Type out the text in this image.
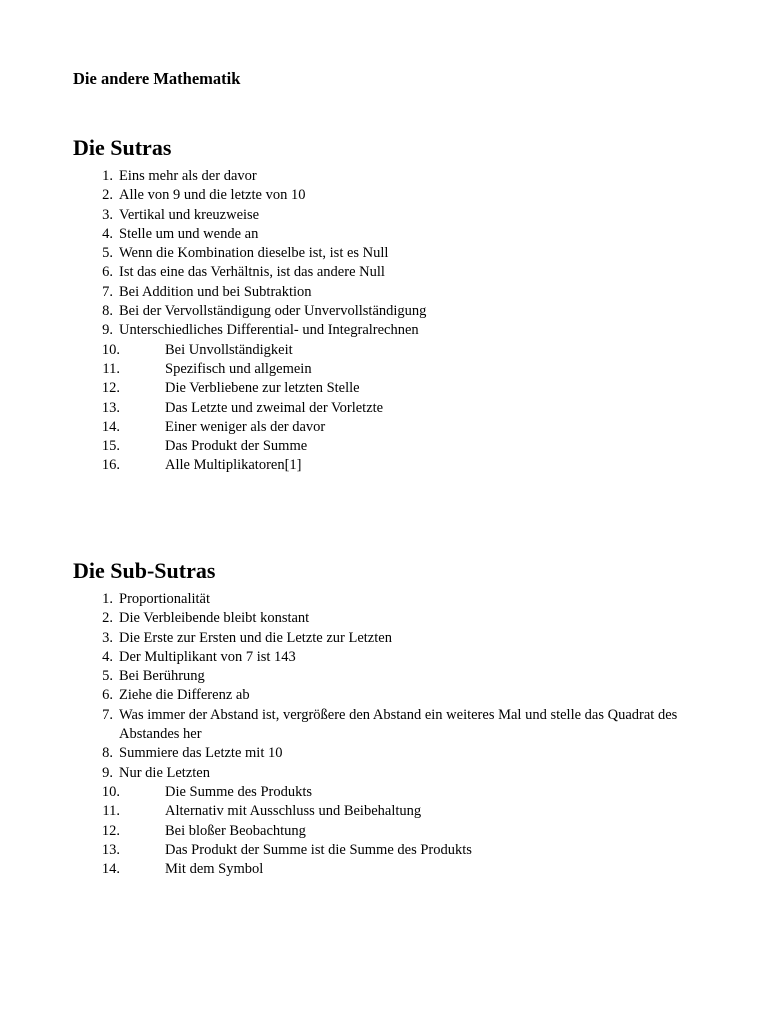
Die andere Mathematik
Die Sutras
1. Eins mehr als der davor
2. Alle von 9 und die letzte von 10
3. Vertikal und kreuzweise
4. Stelle um und wende an
5. Wenn die Kombination dieselbe ist, ist es Null
6. Ist das eine das Verhältnis, ist das andere Null
7. Bei Addition und bei Subtraktion
8. Bei der Vervollständigung oder Unvervollständigung
9. Unterschiedliches Differential- und Integralrechnen
10.	Bei Unvollständigkeit
11.	Spezifisch und allgemein
12.	Die Verbliebene zur letzten Stelle
13.	Das Letzte und zweimal der Vorletzte
14.	Einer weniger als der davor
15.	Das Produkt der Summe
16.	Alle Multiplikatoren[1]
Die Sub-Sutras
1. Proportionalität
2. Die Verbleibende bleibt konstant
3. Die Erste zur Ersten und die Letzte zur Letzten
4. Der Multiplikant von 7 ist 143
5. Bei Berührung
6. Ziehe die Differenz ab
7. Was immer der Abstand ist, vergrößere den Abstand ein weiteres Mal und stelle das Quadrat des Abstandes her
8. Summiere das Letzte mit 10
9. Nur die Letzten
10.	Die Summe des Produkts
11.	Alternativ mit Ausschluss und Beibehaltung
12.	Bei bloßer Beobachtung
13.	Das Produkt der Summe ist die Summe des Produkts
14.	Mit dem Symbol
